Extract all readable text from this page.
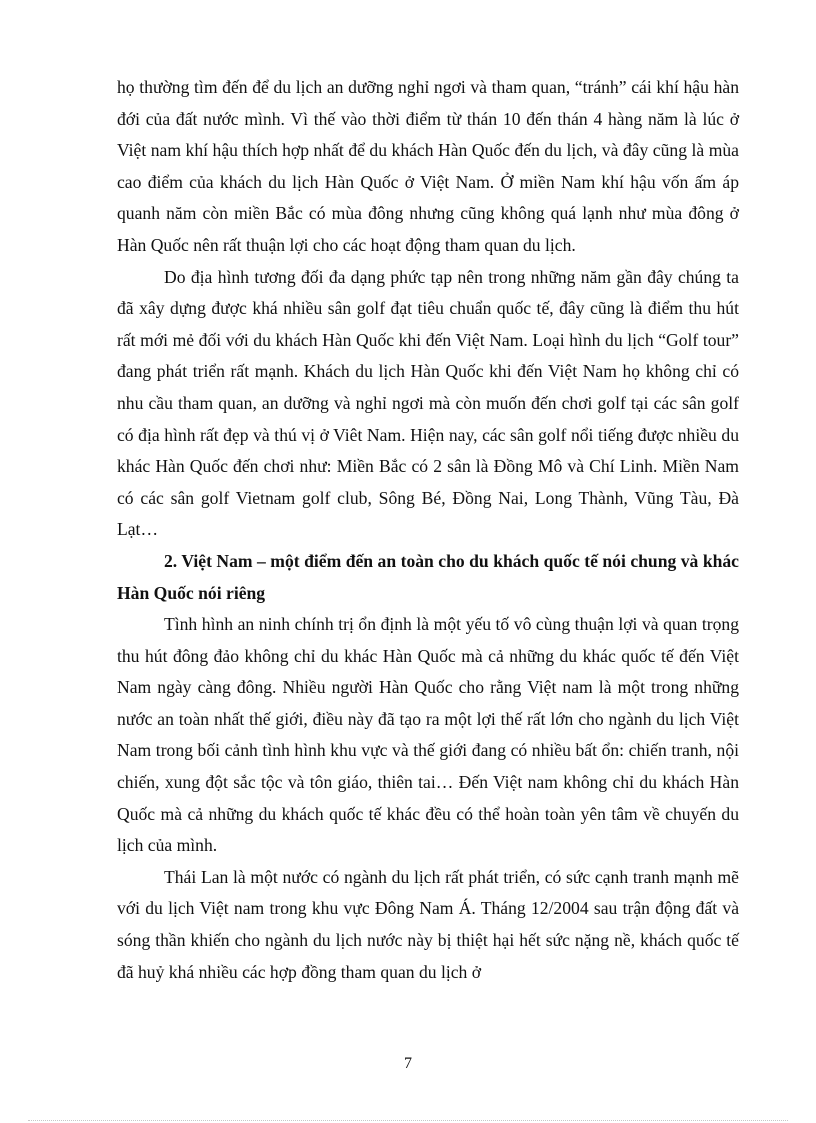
họ thường tìm đến để du lịch an dưỡng nghỉ ngơi và tham quan, “tránh” cái khí hậu hàn đới của đất nước mình. Vì thế vào thời điểm từ thán 10 đến thán 4 hàng năm là lúc ở Việt nam khí hậu thích hợp nhất để du khách Hàn Quốc đến du lịch, và đây cũng là mùa cao điểm của khách du lịch Hàn Quốc ở Việt Nam. Ở miền Nam khí hậu vốn ấm áp quanh năm còn miền Bắc có mùa đông nhưng cũng không quá lạnh như mùa đông ở Hàn Quốc nên rất thuận lợi cho các hoạt động tham quan du lịch.

Do địa hình tương đối đa dạng phức tạp nên trong những năm gần đây chúng ta đã xây dựng được khá nhiều sân golf đạt tiêu chuẩn quốc tế, đây cũng là điểm thu hút rất mới mẻ đối với du khách Hàn Quốc khi đến Việt Nam. Loại hình du lịch “Golf tour” đang phát triển rất mạnh. Khách du lịch Hàn Quốc khi đến Việt Nam họ không chỉ có nhu cầu tham quan, an dưỡng và nghỉ ngơi mà còn muốn đến chơi golf tại các sân golf có địa hình rất đẹp và thú vị ở Viêt Nam. Hiện nay, các sân golf nổi tiếng được nhiều du khác Hàn Quốc đến chơi như: Miền Bắc có 2 sân là Đồng Mô và Chí Linh. Miền Nam có các sân golf Vietnam golf club, Sông Bé, Đồng Nai, Long Thành, Vũng Tàu, Đà Lạt…

2. Việt Nam – một điểm đến an toàn cho du khách quốc tế nói chung và khác Hàn Quốc nói riêng

Tình hình an ninh chính trị ổn định là một yếu tố vô cùng thuận lợi và quan trọng thu hút đông đảo không chỉ du khác Hàn Quốc mà cả những du khác quốc tế đến Việt Nam ngày càng đông. Nhiều người Hàn Quốc cho rằng Việt nam là một trong những nước an toàn nhất thế giới, điều này đã tạo ra một lợi thế rất lớn cho ngành du lịch Việt Nam trong bối cảnh tình hình khu vực và thế giới đang có nhiều bất ổn: chiến tranh, nội chiến, xung đột sắc tộc và tôn giáo, thiên tai… Đến Việt nam không chỉ du khách Hàn Quốc mà cả những du khách quốc tế khác đều có thể hoàn toàn yên tâm về chuyến du lịch của mình.

Thái Lan là một nước có ngành du lịch rất phát triển, có sức cạnh tranh mạnh mẽ với du lịch Việt nam trong khu vực Đông Nam Á. Tháng 12/2004 sau trận động đất và sóng thần khiến cho ngành du lịch nước này bị thiệt hại hết sức nặng nề, khách quốc tế đã huỷ khá nhiều các hợp đồng tham quan du lịch ở

7
